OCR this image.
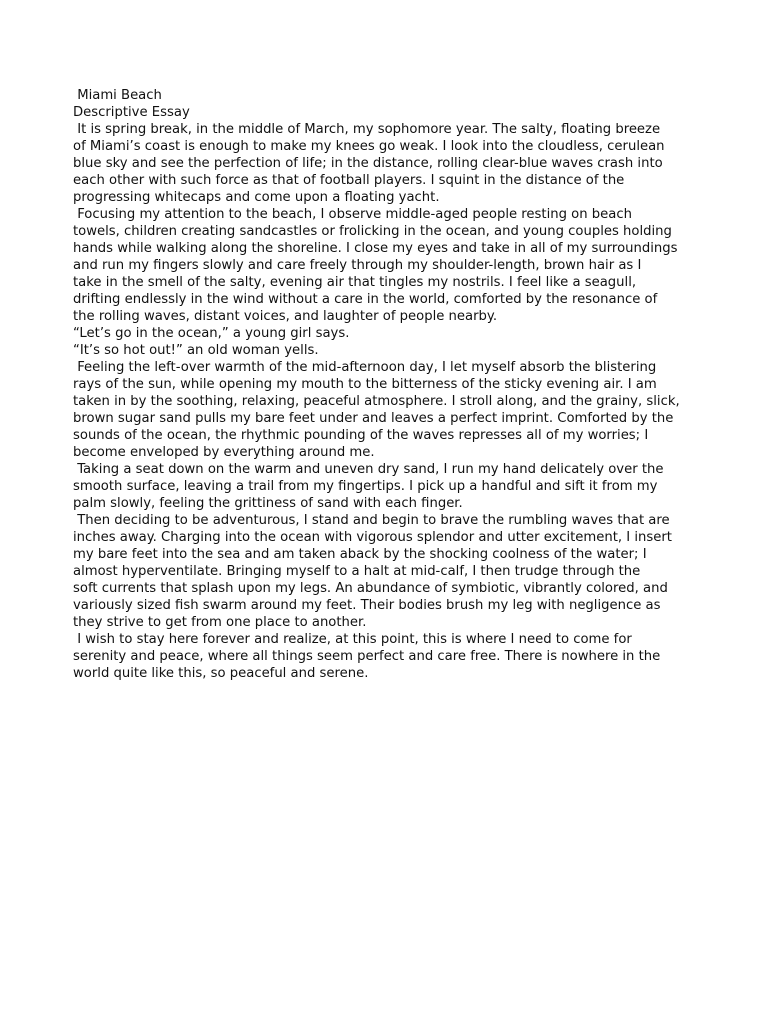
Miami Beach
Descriptive Essay
It is spring break, in the middle of March, my sophomore year. The salty, floating breeze
of Miami’s coast is enough to make my knees go weak. I look into the cloudless, cerulean
blue sky and see the perfection of life; in the distance, rolling clear-blue waves crash into
each other with such force as that of football players. I squint in the distance of the
progressing whitecaps and come upon a floating yacht.
Focusing my attention to the beach, I observe middle-aged people resting on beach
towels, children creating sandcastles or frolicking in the ocean, and young couples holding
hands while walking along the shoreline. I close my eyes and take in all of my surroundings
and run my fingers slowly and care freely through my shoulder-length, brown hair as I
take in the smell of the salty, evening air that tingles my nostrils. I feel like a seagull,
drifting endlessly in the wind without a care in the world, comforted by the resonance of
the rolling waves, distant voices, and laughter of people nearby.
“Let’s go in the ocean,” a young girl says.
“It’s so hot out!” an old woman yells.
Feeling the left-over warmth of the mid-afternoon day, I let myself absorb the blistering
rays of the sun, while opening my mouth to the bitterness of the sticky evening air. I am
taken in by the soothing, relaxing, peaceful atmosphere. I stroll along, and the grainy, slick,
brown sugar sand pulls my bare feet under and leaves a perfect imprint. Comforted by the
sounds of the ocean, the rhythmic pounding of the waves represses all of my worries; I
become enveloped by everything around me.
Taking a seat down on the warm and uneven dry sand, I run my hand delicately over the
smooth surface, leaving a trail from my fingertips. I pick up a handful and sift it from my
palm slowly, feeling the grittiness of sand with each finger.
Then deciding to be adventurous, I stand and begin to brave the rumbling waves that are
inches away. Charging into the ocean with vigorous splendor and utter excitement, I insert
my bare feet into the sea and am taken aback by the shocking coolness of the water; I
almost hyperventilate. Bringing myself to a halt at mid-calf, I then trudge through the
soft currents that splash upon my legs. An abundance of symbiotic, vibrantly colored, and
variously sized fish swarm around my feet. Their bodies brush my leg with negligence as
they strive to get from one place to another.
I wish to stay here forever and realize, at this point, this is where I need to come for
serenity and peace, where all things seem perfect and care free. There is nowhere in the
world quite like this, so peaceful and serene.
